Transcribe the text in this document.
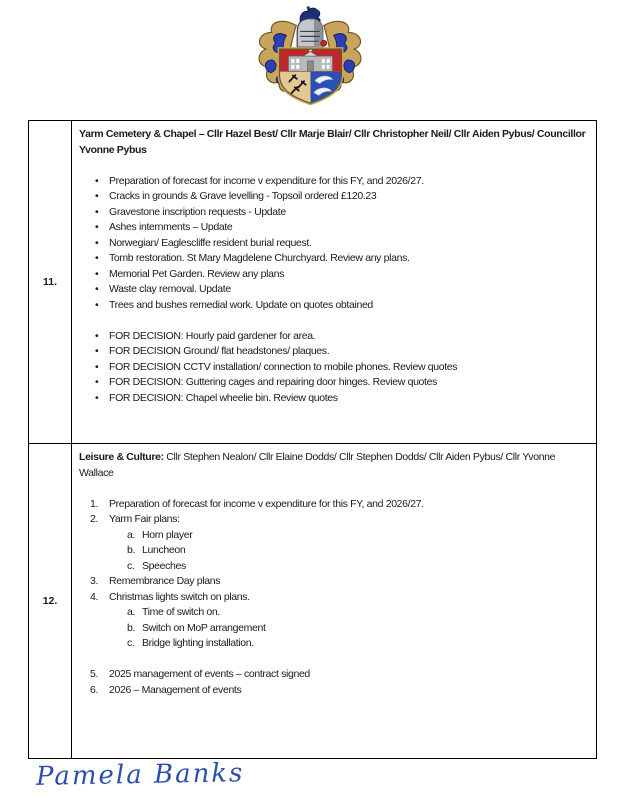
11.	

Yarm Cemetery & Chapel – Cllr Hazel Best/ Cllr Marje Blair/ Cllr Christopher Neil/ Cllr Aiden Pybus/ Councillor Yvonne Pybus

• Preparation of forecast for income v expenditure for this FY, and 2026/27.
• Cracks in grounds & Grave levelling - Topsoil ordered £120.23
• Gravestone inscription requests - Update
• Ashes internments – Update
• Norwegian/ Eaglescliffe resident burial request.
• Tomb restoration. St Mary Magdelene Churchyard. Review any plans.
• Memorial Pet Garden. Review any plans
• Waste clay removal. Update
• Trees and bushes remedial work. Update on quotes obtained
• FOR DECISION: Hourly paid gardener for area.
• FOR DECISION Ground/ flat headstones/ plaques.
• FOR DECISION CCTV installation/ connection to mobile phones. Review quotes
• FOR DECISION: Guttering cages and repairing door hinges. Review quotes
• FOR DECISION: Chapel wheelie bin. Review quotes

12.	

Leisure & Culture: Cllr Stephen Nealon/ Cllr Elaine Dodds/ Cllr Stephen Dodds/ Cllr Aiden Pybus/ Cllr Yvonne Wallace

1. Preparation of forecast for income v expenditure for this FY, and 2026/27.
2. Yarm Fair plans:
a. Horn player
b. Luncheon
c. Speeches
3. Remembrance Day plans
4. Christmas lights switch on plans.
a. Time of switch on.
b. Switch on MoP arrangement
c. Bridge lighting installation.
5. 2025 management of events – contract signed
6. 2026 – Management of events
Pamela Banks
